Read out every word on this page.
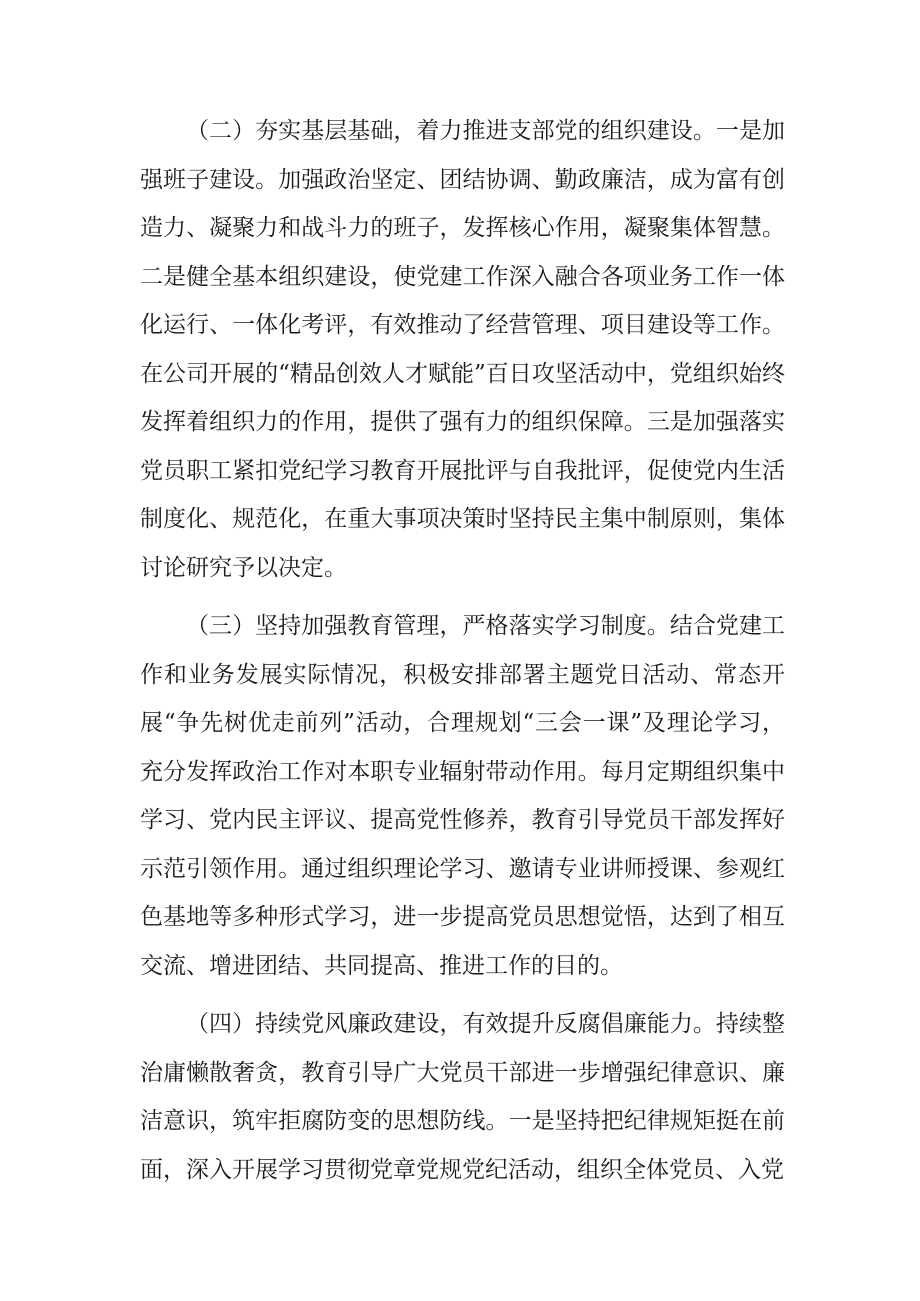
（二）夯实基层基础，着力推进支部党的组织建设。一是加强班子建设。加强政治坚定、团结协调、勤政廉洁，成为富有创造力、凝聚力和战斗力的班子，发挥核心作用，凝聚集体智慧。二是健全基本组织建设，使党建工作深入融合各项业务工作一体化运行、一体化考评，有效推动了经营管理、项目建设等工作。在公司开展的“精品创效人才赋能”百日攻坚活动中，党组织始终发挥着组织力的作用，提供了强有力的组织保障。三是加强落实党员职工紧扣党纪学习教育开展批评与自我批评，促使党内生活制度化、规范化，在重大事项决策时坚持民主集中制原则，集体讨论研究予以决定。

（三）坚持加强教育管理，严格落实学习制度。结合党建工作和业务发展实际情况，积极安排部署主题党日活动、常态开展“争先树优走前列”活动，合理规划“三会一课”及理论学习，充分发挥政治工作对本职专业辐射带动作用。每月定期组织集中学习、党内民主评议、提高党性修养，教育引导党员干部发挥好示范引领作用。通过组织理论学习、邀请专业讲师授课、参观红色基地等多种形式学习，进一步提高党员思想觉悟，达到了相互交流、增进团结、共同提高、推进工作的目的。

（四）持续党风廉政建设，有效提升反腐倡廉能力。持续整治庸懒散奢贪，教育引导广大党员干部进一步增强纪律意识、廉洁意识，筑牢拒腐防变的思想防线。一是坚持把纪律规矩挺在前面，深入开展学习贯彻党章党规党纪活动，组织全体党员、入党
